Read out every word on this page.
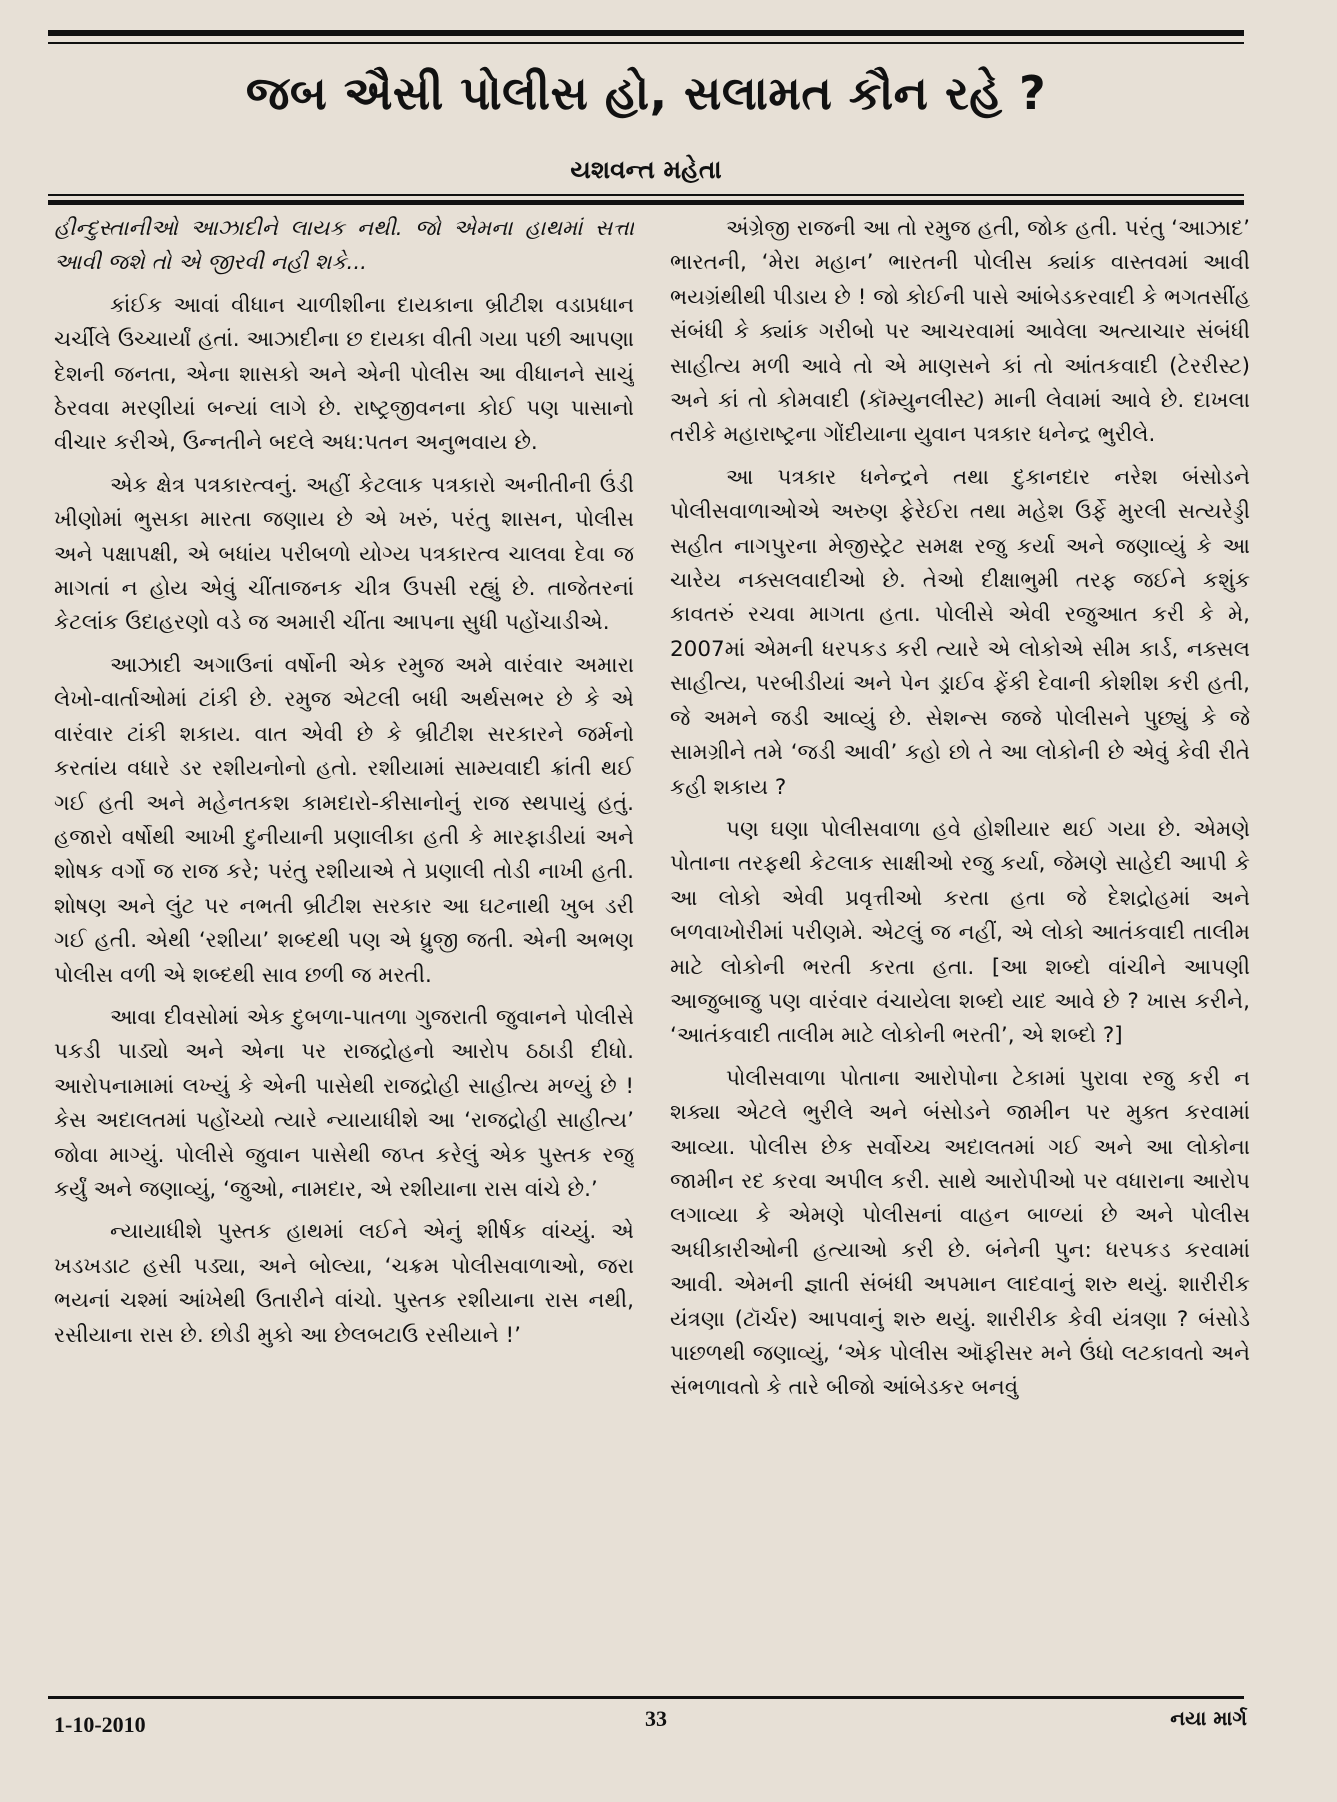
જબ ઐસી પોલીસ હો, સલામત કૌન રહે ?
યશવન્ત મહેતા

હીન્દુસ્તાનીઓ આઝાદીને લાયક નથી. જો એમના હાથમાં સત્તા આવી જશે તો એ જીરવી નહી શકે...

કાંઈક આવાં વીધાન ચાળીશીના દાયકાના બ્રીટીશ વડાપ્રધાન ચર્ચીલે ઉચ્ચાર્યાં હતાં. આઝાદીના છ દાયકા વીતી ગયા પછી આપણા દેશની જનતા, એના શાસકો અને એની પોલીસ આ વીધાનને સાચું ઠેરવવા મરણીયાં બન્યાં લાગે છે. રાષ્ટ્રજીવનના કોઈ પણ પાસાનો વીચાર કરીએ, ઉન્નતીને બદલે અધ:પતન અનુભવાય છે.

એક ક્ષેત્ર પત્રકારત્વનું. અહીં કેટલાક પત્રકારો અનીતીની ઉંડી ખીણોમાં ભુસકા મારતા જણાય છે એ ખરું, પરંતુ શાસન, પોલીસ અને પક્ષાપક્ષી, એ બધાંય પરીબળો યોગ્ય પત્રકારત્વ ચાલવા દેવા જ માગતાં ન હોય એવું ચીંતાજનક ચીત્ર ઉપસી રહ્યું છે. તાજેતરનાં કેટલાંક ઉદાહરણો વડે જ અમારી ચીંતા આપના સુધી પહોંચાડીએ.

આઝાદી અગાઉનાં વર્ષોની એક રમુજ અમે વારંવાર અમારા લેખો-વાર્તાઓમાં ટાંકી છે. રમુજ એટલી બધી અર્થસભર છે કે એ વારંવાર ટાંકી શકાય. વાત એવી છે કે બ્રીટીશ સરકારને જર્મનો કરતાંય વધારે ડર રશીયનોનો હતો. રશીયામાં સામ્યવાદી ક્રાંતી થઈ ગઈ હતી અને મહેનતકશ કામદારો-કીસાનોનું રાજ સ્થપાયું હતું. હજારો વર્ષોથી આખી દુનીયાની પ્રણાલીકા હતી કે મારફાડીયાં અને શોષક વર્ગો જ રાજ કરે; પરંતુ રશીયાએ તે પ્રણાલી તોડી નાખી હતી. શોષણ અને લુંટ પર નભતી બ્રીટીશ સરકાર આ ઘટનાથી ખુબ ડરી ગઈ હતી. એથી ‘રશીયા’ શબ્દથી પણ એ ધ્રુજી જતી. એની અભણ પોલીસ વળી એ શબ્દથી સાવ છળી જ મરતી.

આવા દીવસોમાં એક દુબળા-પાતળા ગુજરાતી જુવાનને પોલીસે પકડી પાડ્યો અને એના પર રાજદ્રોહનો આરોપ ઠઠાડી દીધો. આરોપનામામાં લખ્યું કે એની પાસેથી રાજદ્રોહી સાહીત્ય મળ્યું છે ! કેસ અદાલતમાં પહોંચ્યો ત્યારે ન્યાયાધીશે આ ‘રાજદ્રોહી સાહીત્ય’ જોવા માગ્યું. પોલીસે જુવાન પાસેથી જપ્ત કરેલું એક પુસ્તક રજુ કર્યું અને જણાવ્યું, ‘જુઓ, નામદાર, એ રશીયાના રાસ વાંચે છે.’

ન્યાયાધીશે પુસ્તક હાથમાં લઈને એનું શીર્ષક વાંચ્યું. એ ખડખડાટ હસી પડ્યા, અને બોલ્યા, ‘ચક્રમ પોલીસવાળાઓ, જરા ભયનાં ચશ્માં આંખેથી ઉતારીને વાંચો. પુસ્તક રશીયાના રાસ નથી, રસીયાના રાસ છે. છોડી મુકો આ છેલબટાઉ રસીયાને !’

અંગ્રેજી રાજની આ તો રમુજ હતી, જોક હતી. પરંતુ ‘આઝાદ’ ભારતની, ‘મેરા મહાન’ ભારતની પોલીસ ક્યાંક વાસ્તવમાં આવી ભયગ્રંથીથી પીડાય છે ! જો કોઈની પાસે આંબેડકરવાદી કે ભગતસીંહ સંબંધી કે ક્યાંક ગરીબો પર આચરવામાં આવેલા અત્યાચાર સંબંધી સાહીત્ય મળી આવે તો એ માણસને કાં તો આંતકવાદી (ટેરરીસ્ટ) અને કાં તો કોમવાદી (કૉમ્યુનલીસ્ટ) માની લેવામાં આવે છે. દાખલા તરીકે મહારાષ્ટ્રના ગોંદીયાના યુવાન પત્રકાર ધનેન્દ્ર ભુરીલે.

આ પત્રકાર ધનેન્દ્રને તથા દુકાનદાર નરેશ બંસોડને પોલીસવાળાઓએ અરુણ ફેરેઈરા તથા મહેશ ઉર્ફે મુરલી સત્યરેડ્ડી સહીત નાગપુરના મેજીસ્ટ્રેટ સમક્ષ રજુ કર્યા અને જણાવ્યું કે આ ચારેય નક્સલવાદીઓ છે. તેઓ દીક્ષાભુમી તરફ જઈને કશુંક કાવતરું રચવા માગતા હતા. પોલીસે એવી રજુઆત કરી કે મે, 2007માં એમની ધરપકડ કરી ત્યારે એ લોકોએ સીમ કાર્ડ, નક્સલ સાહીત્ય, પરબીડીયાં અને પેન ડ્રાઈવ ફેંકી દેવાની કોશીશ કરી હતી, જે અમને જડી આવ્યું છે. સેશન્સ જજે પોલીસને પુછ્યું કે જે સામગ્રીને તમે ‘જડી આવી’ કહો છો તે આ લોકોની છે એવું કેવી રીતે કહી શકાય ?

પણ ઘણા પોલીસવાળા હવે હોશીયાર થઈ ગયા છે. એમણે પોતાના તરફથી કેટલાક સાક્ષીઓ રજુ કર્યા, જેમણે સાહેદી આપી કે આ લોકો એવી પ્રવૃત્તીઓ કરતા હતા જે દેશદ્રોહમાં અને બળવાખોરીમાં પરીણમે. એટલું જ નહીં, એ લોકો આતંકવાદી તાલીમ માટે લોકોની ભરતી કરતા હતા. [આ શબ્દો વાંચીને આપણી આજુબાજુ પણ વારંવાર વંચાયેલા શબ્દો યાદ આવે છે ? ખાસ કરીને, ‘આતંકવાદી તાલીમ માટે લોકોની ભરતી’, એ શબ્દો ?]

પોલીસવાળા પોતાના આરોપોના ટેકામાં પુરાવા રજુ કરી ન શક્યા એટલે ભુરીલે અને બંસોડને જામીન પર મુક્ત કરવામાં આવ્યા. પોલીસ છેક સર્વોચ્ચ અદાલતમાં ગઈ અને આ લોકોના જામીન રદ કરવા અપીલ કરી. સાથે આરોપીઓ પર વધારાના આરોપ લગાવ્યા કે એમણે પોલીસનાં વાહન બાળ્યાં છે અને પોલીસ અધીકારીઓની હત્યાઓ કરી છે. બંનેની પુન: ધરપકડ કરવામાં આવી. એમની જ્ઞાતી સંબંધી અપમાન લાદવાનું શરુ થયું. શારીરીક યંત્રણા (ટૉર્ચર) આપવાનું શરુ થયું. શારીરીક કેવી યંત્રણા ? બંસોડે પાછળથી જણાવ્યું, ‘એક પોલીસ ઑફીસર મને ઉંધો લટકાવતો અને સંભળાવતો કે તારે બીજો આંબેડકર બનવું

1-10-2010	33	નયા માર્ગ
